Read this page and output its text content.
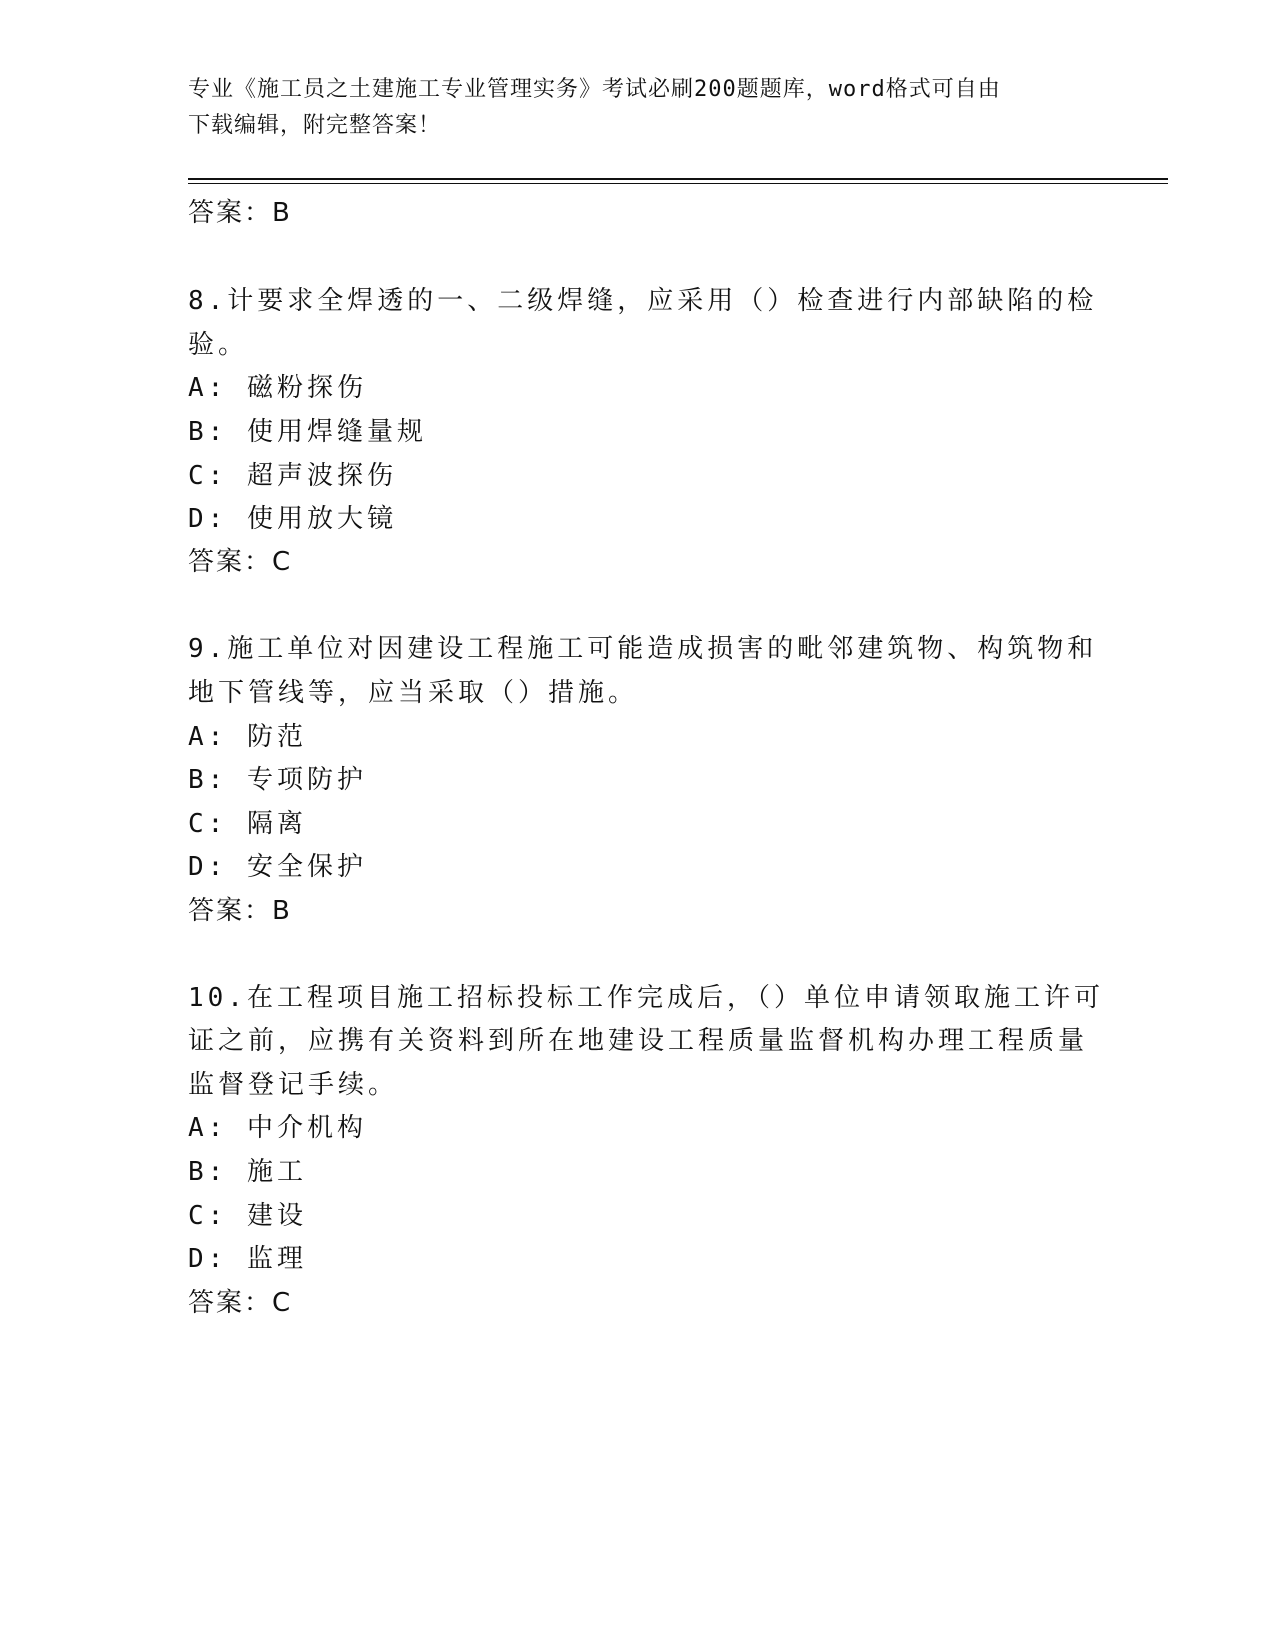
专业《施工员之土建施工专业管理实务》考试必刷200题题库，word格式可自由
下载编辑，附完整答案！
答案：B
8.计要求全焊透的一、二级焊缝，应采用（）检查进行内部缺陷的检
验。
A: 磁粉探伤
B: 使用焊缝量规
C: 超声波探伤
D: 使用放大镜
答案：C
9.施工单位对因建设工程施工可能造成损害的毗邻建筑物、构筑物和
地下管线等，应当采取（）措施。
A: 防范
B: 专项防护
C: 隔离
D: 安全保护
答案：B
10.在工程项目施工招标投标工作完成后，（）单位申请领取施工许可
证之前，应携有关资料到所在地建设工程质量监督机构办理工程质量
监督登记手续。
A: 中介机构
B: 施工
C: 建设
D: 监理
答案：C
